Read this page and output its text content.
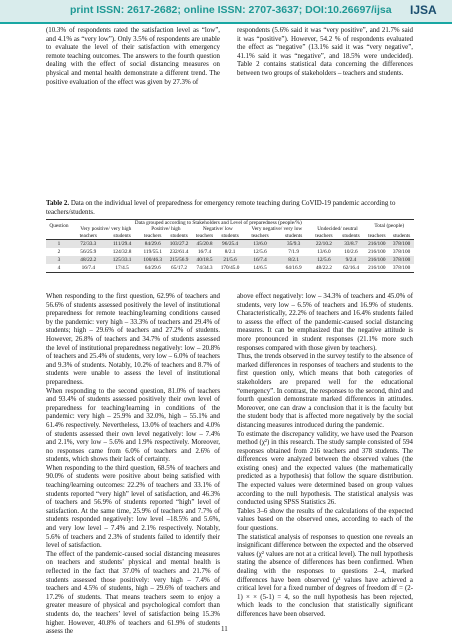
print ISSN: 2617-2682; online ISSN: 2707-3637; DOI:10.26697/ijsa IJSA

(10.3% of respondents rated the satisfaction level as “low”, and 4.1% as “very low”). Only 3.5% of respondents are unable to evaluate the level of their satisfaction with emergency remote teaching outcomes. The answers to the fourth question dealing with the effect of social distancing measures on physical and mental health demonstrate a different trend. The positive evaluation of the effect was given by 27.3% of

respondents (5.6% said it was “very positive”, and 21.7% said it was “positive”). However, 54.2 % of respondents evaluated the effect as “negative” (13.1% said it was “very negative”, 41.1% said it was “negative”, and 18.5% were undecided). Table 2 contains statistical data concerning the differences between two groups of stakeholders – teachers and students.

Table 2. Data on the individual level of preparedness for emergency remote teaching during CoVID-19 pandemic according to teachers/students.
Question	Data grouped according to Stakeholders and Level of preparedness (people/%)										Total (people)	
	Very positive/ very high		Positive/ high		Negative/ low		Very negative/ very low		Undecided/ neutral			
	teachers	students	teachers	students	teachers	students	teachers	students	teachers	students	teachers	students
1	72/33.3	111/29.4	84/29.6	103/27.2	45/20.8	96/25.4	13/6.0	35/9.3	22/10.2	33/8.7	216/100	378/100
2	56/25.9	124/32.8	119/55.1	232/61.4	16/7.4	8/2.1	12/5.6	7/1.9	13/6.0	10/2.6	216/100	378/100
3	48/22.2	125/33.1	100/46.3	215/56.9	40/18.5	21/5.6	16/7.4	8/2.1	12/5.6	9/2.4	216/100	378/100
4	16/7.4	17/4.5	64/29.6	65/17.2	74/34.3	170/45.0	14/6.5	64/16.9	48/22.2	62/16.4	216/100	378/100

When responding to the first question, 62.9% of teachers and 56.6% of students assessed positively the level of institutional preparedness for remote teaching/learning conditions caused by the pandemic: very high – 33.3% of teachers and 29.4% of students; high – 29.6% of teachers and 27.2% of students. However, 26.8% of teachers and 34.7% of students assessed the level of institutional preparedness negatively: low – 20.8% of teachers and 25.4% of students, very low – 6.0% of teachers and 9.3% of students. Notably, 10.2% of teachers and 8.7% of students were unable to assess the level of institutional preparedness.

When responding to the second question, 81.0% of teachers and 93.4% of students assessed positively their own level of preparedness for teaching/learning in conditions of the pandemic: very high – 25.9% and 32.0%, high – 55.1% and 61.4% respectively. Nevertheless, 13.0% of teachers and 4.0% of students assessed their own level negatively: low – 7.4% and 2.1%, very low – 5.6% and 1.9% respectively. Moreover, no responses came from 6.0% of teachers and 2.6% of students, which shows their lack of certainty.

When responding to the third question, 68.5% of teachers and 90.0% of students were positive about being satisfied with teaching/learning outcomes: 22.2% of teachers and 33.1% of students reported “very high” level of satisfaction, and 46.3% of teachers and 56.9% of students reported “high” level of satisfaction. At the same time, 25.9% of teachers and 7.7% of students responded negatively: low level –18.5% and 5.6%, and very low level – 7.4% and 2.1% respectively. Notably, 5.6% of teachers and 2.3% of students failed to identify their level of satisfaction.

The effect of the pandemic-caused social distancing measures on teachers and students’ physical and mental health is reflected in the fact that 37.0% of teachers and 21.7% of students assessed those positively: very high – 7.4% of teachers and 4.5% of students, high – 29.6% of teachers and 17.2% of students. That means teachers seem to enjoy a greater measure of physical and psychological comfort than students do, the teachers’ level of satisfaction being 15.3% higher. However, 40.8% of teachers and 61.9% of students assess the

above effect negatively: low – 34.3% of teachers and 45.0% of students, very low – 6.5% of teachers and 16.9% of students. Characteristically, 22.2% of teachers and 16.4% students failed to assess the effect of the pandemic-caused social distancing measures. It can be emphasized that the negative attitude is more pronounced in student responses (21.1% more such responses compared with those given by teachers).

Thus, the trends observed in the survey testify to the absence of marked differences in responses of teachers and students to the first question only, which means that both categories of stakeholders are prepared well for the educational “emergency”. In contrast, the responses to the second, third and fourth question demonstrate marked differences in attitudes. Moreover, one can draw a conclusion that it is the faculty but the student body that is affected more negatively by the social distancing measures introduced during the pandemic.

To estimate the discrepancy validity, we have used the Pearson method (χ²) in this research. The study sample consisted of 594 responses obtained from 216 teachers and 378 students. The differences were analyzed between the observed values (the existing ones) and the expected values (the mathematically predicted as a hypothesis) that follow the square distribution. The expected values were determined based on group values according to the null hypothesis. The statistical analysis was conducted using SPSS Statistics 26.

Tables 3–6 show the results of the calculations of the expected values based on the observed ones, according to each of the four questions.

The statistical analysis of responses to question one reveals an insignificant difference between the expected and the observed values (χ² values are not at a critical level). The null hypothesis stating the absence of differences has been confirmed. When dealing with the responses to questions 2–4, marked differences have been observed (χ² values have achieved a critical level for a fixed number of degrees of freedom df = (2-1) × × (5-1) = 4, so the null hypothesis has been rejected, which leads to the conclusion that statistically significant differences have been observed.

11
